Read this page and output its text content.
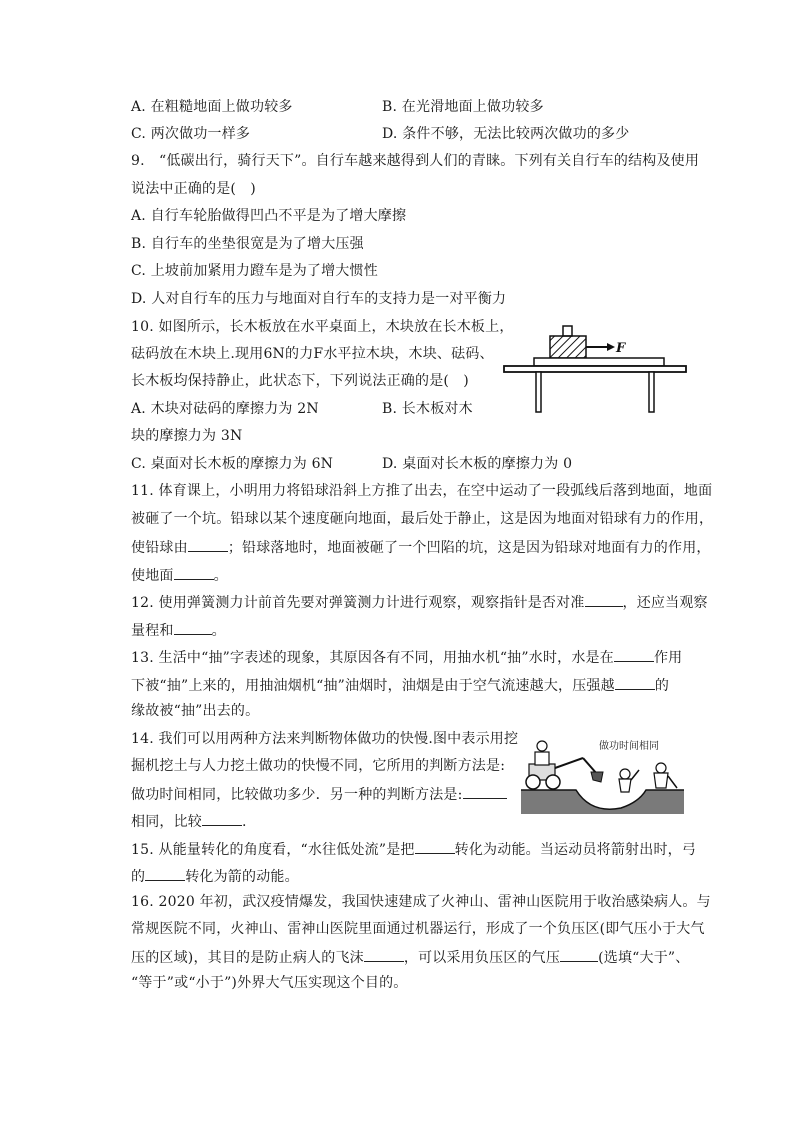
A. 在粗糙地面上做功较多	B. 在光滑地面上做功较多
C. 两次做功一样多	D. 条件不够，无法比较两次做功的多少
9.　“低碳出行，骑行天下”。自行车越来越得到人们的青睐。下列有关自行车的结构及使用
说法中正确的是(　)
A. 自行车轮胎做得凹凸不平是为了增大摩擦
B. 自行车的坐垫很宽是为了增大压强
C. 上坡前加紧用力蹬车是为了增大惯性
D. 人对自行车的压力与地面对自行车的支持力是一对平衡力
10. 如图所示，长木板放在水平桌面上，木块放在长木板上，
砝码放在木块上.现用6N的力F水平拉木块，木块、砝码、
长木板均保持静止，此状态下，下列说法正确的是(　)
A. 木块对砝码的摩擦力为 2N	B. 长木板对木
块的摩擦力为 3N
C. 桌面对长木板的摩擦力为 6N	D. 桌面对长木板的摩擦力为 0
F
11. 体育课上，小明用力将铅球沿斜上方推了出去，在空中运动了一段弧线后落到地面，地面
被砸了一个坑。铅球以某个速度砸向地面，最后处于静止，这是因为地面对铅球有力的作用，
使铅球由	；铅球落地时，地面被砸了一个凹陷的坑，这是因为铅球对地面有力的作用，
使地面	。
12. 使用弹簧测力计前首先要对弹簧测力计进行观察，观察指针是否对准	，还应当观察
量程和	。
13. 生活中“抽”字表述的现象，其原因各有不同，用抽水机“抽”水时，水是在	作用
下被“抽”上来的，用抽油烟机“抽”油烟时，油烟是由于空气流速越大，压强越	的
缘故被“抽”出去的。
14. 我们可以用两种方法来判断物体做功的快慢.图中表示用挖
掘机挖土与人力挖土做功的快慢不同，它所用的判断方法是:
做功时间相同，比较做功多少．另一种的判断方法是:
相同，比较	.
做功时间相同
15. 从能量转化的角度看，“水往低处流”是把	转化为动能。当运动员将箭射出时，弓
的	转化为箭的动能。
16. 2020 年初，武汉疫情爆发，我国快速建成了火神山、雷神山医院用于收治感染病人。与
常规医院不同，火神山、雷神山医院里面通过机器运行，形成了一个负压区(即气压小于大气
压的区域)，其目的是防止病人的飞沫	，可以采用负压区的气压	(选填“大于”、
“等于”或“小于”)外界大气压实现这个目的。
